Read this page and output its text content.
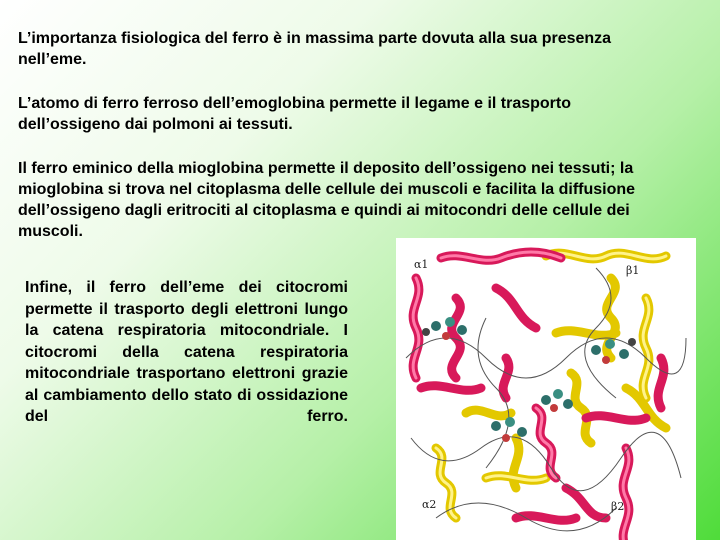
L’importanza fisiologica del ferro è in massima parte dovuta alla sua presenza nell’eme.

L’atomo di ferro ferroso dell’emoglobina permette il legame e il trasporto dell’ossigeno dai polmoni ai tessuti.

Il ferro eminico della mioglobina permette il deposito dell’ossigeno nei tessuti; la mioglobina si trova nel citoplasma delle cellule dei muscoli e facilita la diffusione dell’ossigeno dagli eritrociti al citoplasma e quindi ai mitocondri delle cellule dei muscoli.

Infine, il ferro dell’eme dei citocromi permette il trasporto degli elettroni lungo la catena respiratoria mitocondriale. I citocromi della catena respiratoria mitocondriale trasportano elettroni grazie al cambiamento dello stato di ossidazione del ferro.

α1	β1
α2	β2
